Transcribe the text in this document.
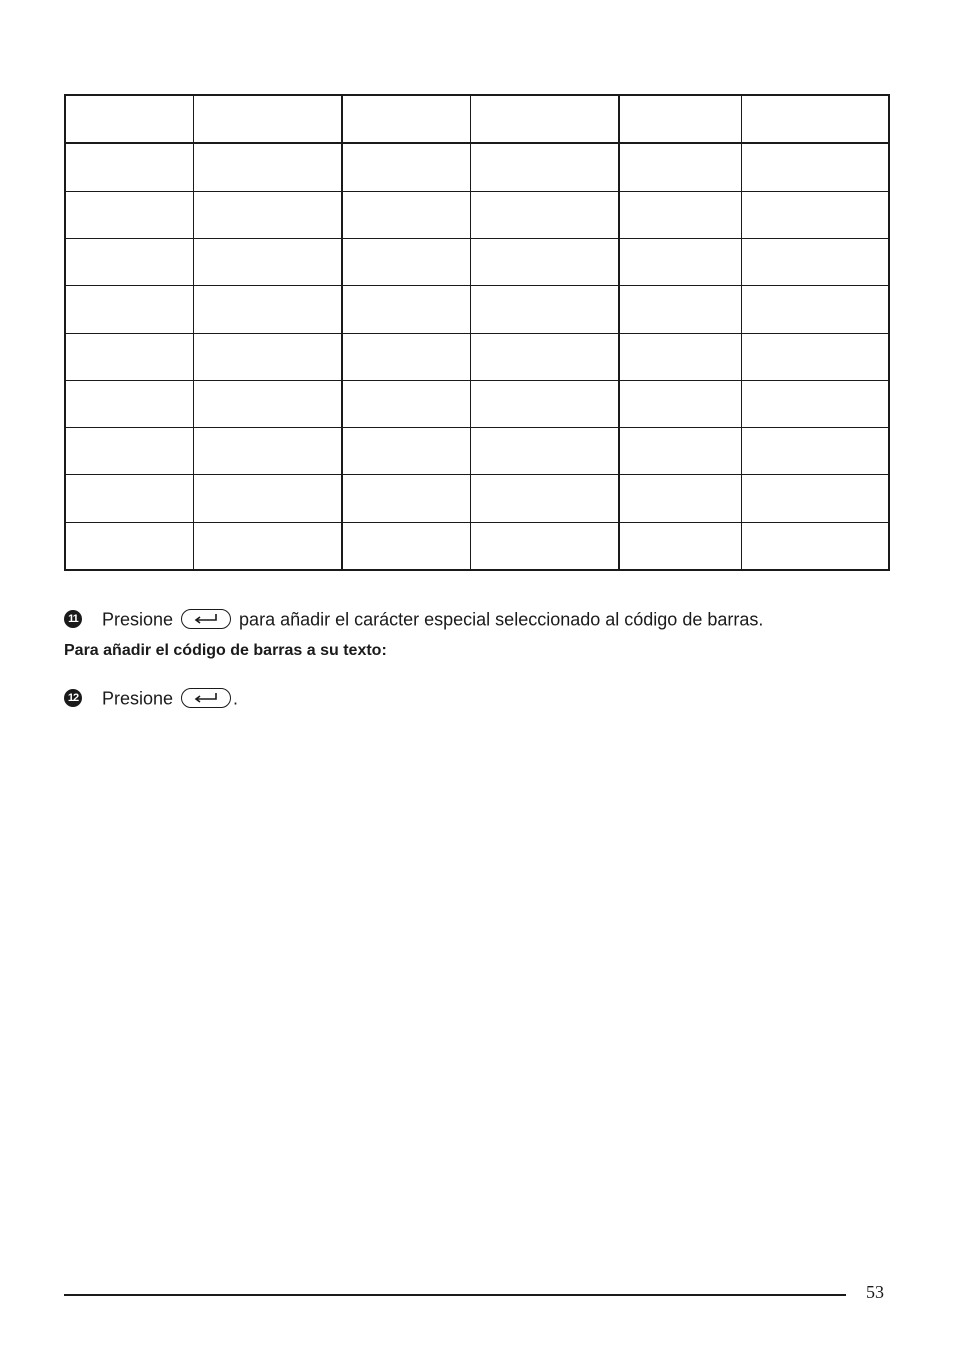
11 Presione	para añadir el carácter especial seleccionado al código de barras.
Para añadir el código de barras a su texto:
12 Presione	.
53
